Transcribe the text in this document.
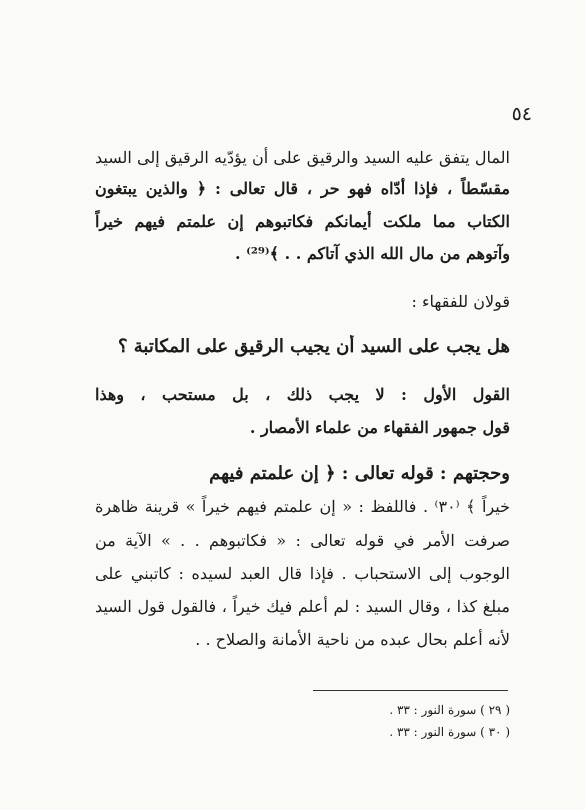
٥٤
المال يتفق عليه السيد والرقيق على أن يؤدّيه الرقيق إلى السيد
مقسّطاً ، فإذا أدّاه فهو حر ، قال تعالى : ﴿ والذين يبتغون
الكتاب مما ملكت أيمانكم فكاتبوهم إن علمتم فيهم خيراً
وآتوهم من مال الله الذي آتاكم . . ﴾⁽²⁹⁾ .
قولان للفقهاء :
هل يجب على السيد أن يجيب الرقيق على المكاتبة ؟
القول الأول : لا يجب ذلك ، بل مستحب ، وهذا
قول جمهور الفقهاء من علماء الأمصار .
وحجتهم : قوله تعالى : ﴿ إن علمتم فيهم
خيراً ﴾ ⁽٣٠⁾ . فاللفظ : « إن علمتم فيهم خيراً » قرينة ظاهرة
صرفت الأمر في قوله تعالى : « فكاتبوهم . . » الآية من
الوجوب إلى الاستحباب . فإذا قال العبد لسيده : كاتبني على
مبلغ كذا ، وقال السيد : لم أعلم فيك خيراً ، فالقول قول السيد
لأنه أعلم بحال عبده من ناحية الأمانة والصلاح . .
( ٢٩ ) سورة النور : ٣٣ .
( ٣٠ ) سورة النور : ٣٣ .
